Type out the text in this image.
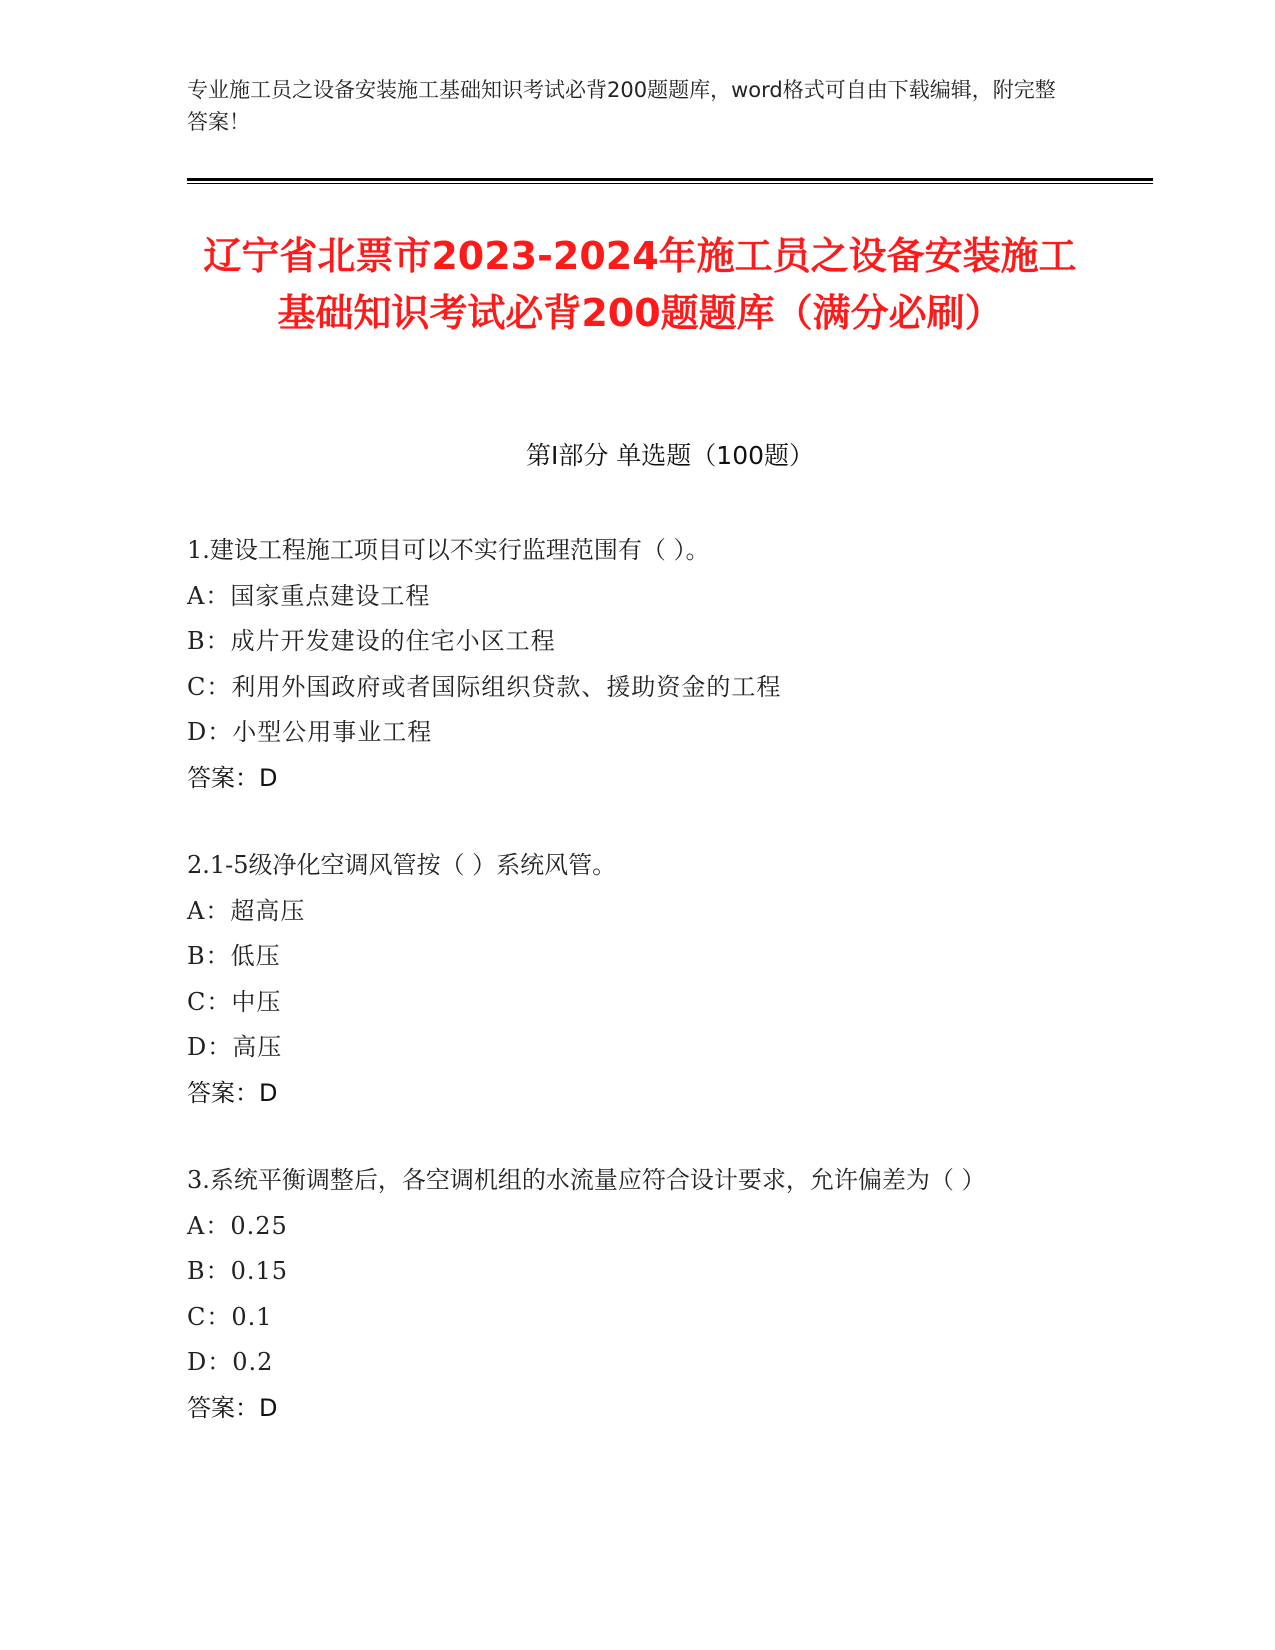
专业施工员之设备安装施工基础知识考试必背200题题库，word格式可自由下载编辑，附完整答案！
辽宁省北票市2023-2024年施工员之设备安装施工基础知识考试必背200题题库（满分必刷）
第Ⅰ部分 单选题（100题）
1.建设工程施工项目可以不实行监理范围有（ ）。
A：国家重点建设工程
B：成片开发建设的住宅小区工程
C：利用外国政府或者国际组织贷款、援助资金的工程
D：小型公用事业工程
答案：D
2.1-5级净化空调风管按（ ）系统风管。
A：超高压
B：低压
C：中压
D：高压
答案：D
3.系统平衡调整后，各空调机组的水流量应符合设计要求，允许偏差为（ ）
A：0.25
B：0.15
C：0.1
D：0.2
答案：D
